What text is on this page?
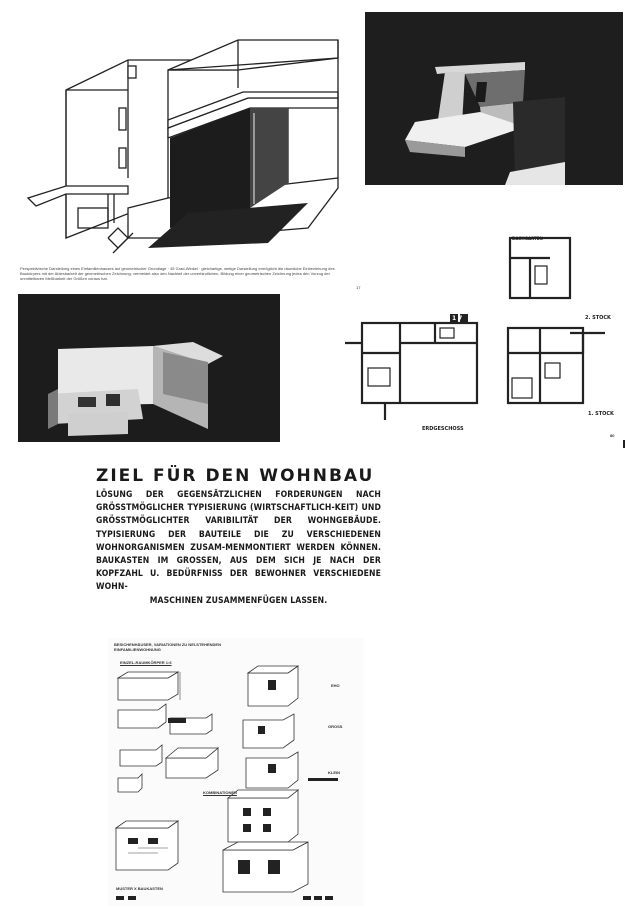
Perspektivische Darstellung eines Einfamilienhauses auf geometrischer Grundlage · 45 Grad-Winkel · gleichartige, stetige Darstellung ermöglicht die räumliche Einbeziehung des Baukörpers mit der Ablesbarkeit der geometrischen Zeichnung; vermeidet also den Nachteil der unverbindlichen, Bildung einer geometrischen Zeichnung jedes den Vorzug der unmittelbaren Meßbarkeit der Größen voraus hat.
17
17
DACHGARTEN
2. STOCK
ERDGESCHOSS
1. STOCK
80
ZIEL FÜR DEN WOHNBAU
LÖSUNG DER GEGENSÄTZLICHEN FORDERUNGEN NACH GRÖSSTMÖGLICHER TYPISIERUNG (WIRTSCHAFTLICH-KEIT) UND GRÖSSTMÖGLICHTER VARIBILITÄT DER WOHNGEBÄUDE. TYPISIERUNG DER BAUTEILE DIE ZU VERSCHIEDENEN WOHNORGANISMEN ZUSAM-MENMONTIERT WERDEN KÖNNEN. BAUKASTEN IM GROSSEN, AUS DEM SICH JE NACH DER KOPFZAHL U. BEDÜRFNISS DER BEWOHNER VERSCHIEDENE WOHN-
MASCHINEN ZUSAMMENFÜGEN LASSEN.
BESICHENHÄUSER, VARIATIONEN ZU NEI-STEHENDEN EINFAMILIENWOHNUNG
EINZEL-RAUMKÖRPER 1:6
EHO
GROSS
KLEIN
KOMBINATIONEN
MUSTER X BAUKASTEN
